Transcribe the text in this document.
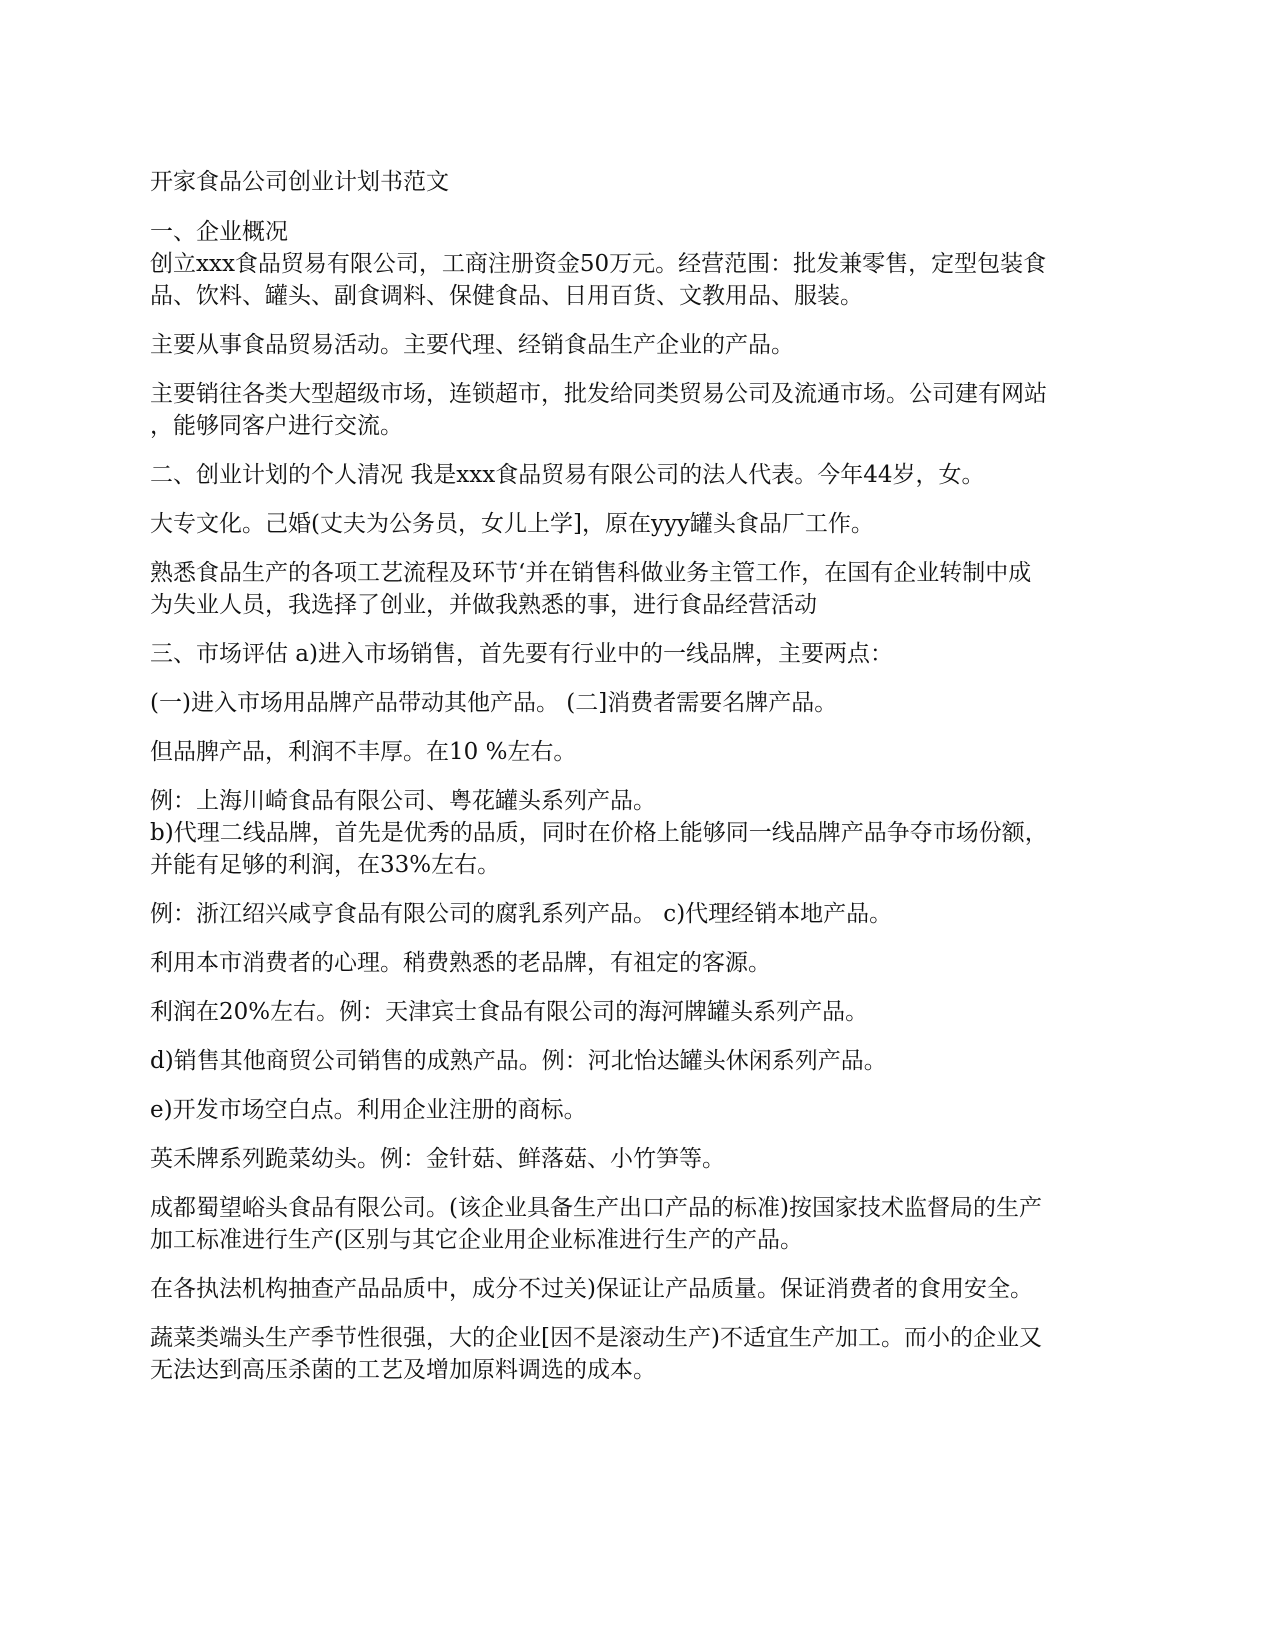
开家食品公司创业计划书范文
一、企业概况
创立xxx食品贸易有限公司，工商注册资金50万元。经营范围：批发兼零售，定型包装食
品、饮料、罐头、副食调料、保健食品、日用百货、文教用品、服装。
主要从事食品贸易活动。主要代理、经销食品生产企业的产品。
主要销往各类大型超级市场，连锁超市，批发给同类贸易公司及流通市场。公司建有网站
，能够同客户进行交流。
二、创业计划的个人清况 我是xxx食品贸易有限公司的法人代表。今年44岁，女。
大专文化。己婚(丈夫为公务员，女儿上学]，原在yyy罐头食品厂工作。
熟悉食品生产的各项工艺流程及环节‘并在销售科做业务主管工作，在国有企业转制中成
为失业人员，我选择了创业，并做我熟悉的事，进行食品经营活动
三、市场评估 a)进入市场销售，首先要有行业中的一线品牌，主要两点：
(一)进入市场用品牌产品带动其他产品。 (二]消费者需要名牌产品。
但品脾产品，利润不丰厚。在10 %左右。
例：上海川崎食品有限公司、粤花罐头系列产品。
b)代理二线品牌，首先是优秀的品质，同时在价格上能够同一线品牌产品争夺市场份额，
并能有足够的利润，在33%左右。
例：浙江绍兴咸亨食品有限公司的腐乳系列产品。 c)代理经销本地产品。
利用本市消费者的心理。稍费熟悉的老品牌，有祖定的客源。
利润在20%左右。例：天津宾士食品有限公司的海河牌罐头系列产品。
d)销售其他商贸公司销售的成熟产品。例：河北怡达罐头休闲系列产品。
e)开发市场空白点。利用企业注册的商标。
英禾牌系列跪菜幼头。例：金针菇、鲜落菇、小竹笋等。
成都蜀望峪头食品有限公司。(该企业具备生产出口产品的标准)按国家技术监督局的生产
加工标准进行生产(区别与其它企业用企业标准进行生产的产品。
在各执法机构抽查产品品质中，成分不过关)保证让产品质量。保证消费者的食用安全。
蔬菜类端头生产季节性很强，大的企业[因不是滚动生产)不适宜生产加工。而小的企业又
无法达到高压杀菌的工艺及增加原料调选的成本。
